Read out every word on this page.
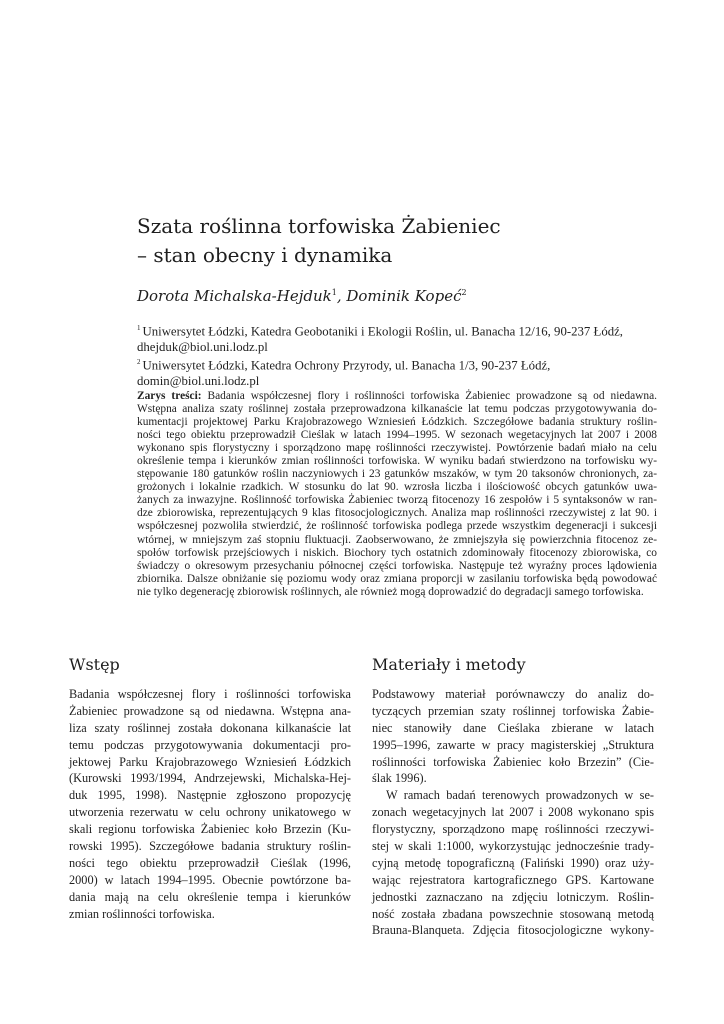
Szata roślinna torfowiska Żabieniec
– stan obecny i dynamika
Dorota Michalska-Hejduk$^1$, Dominik Kopeć$^2$
$^1$ Uniwersytet Łódzki, Katedra Geobotaniki i Ekologii Roślin, ul. Banacha 12/16, 90-237 Łódź,
dhejduk@biol.uni.lodz.pl
$^2$ Uniwersytet Łódzki, Katedra Ochrony Przyrody, ul. Banacha 1/3, 90-237 Łódź,
domin@biol.uni.lodz.pl
Zarys treści: Badania współczesnej flory i roślinności torfowiska Żabieniec prowadzone są od niedawna.
Wstępna analiza szaty roślinnej została przeprowadzona kilkanaście lat temu podczas przygotowywania do-
kumentacji projektowej Parku Krajobrazowego Wzniesień Łódzkich. Szczegółowe badania struktury roślin-
ności tego obiektu przeprowadził Cieślak w latach 1994–1995. W sezonach wegetacyjnych lat 2007 i 2008
wykonano spis florystyczny i sporządzono mapę roślinności rzeczywistej. Powtórzenie badań miało na celu
określenie tempa i kierunków zmian roślinności torfowiska. W wyniku badań stwierdzono na torfowisku wy-
stępowanie 180 gatunków roślin naczyniowych i 23 gatunków mszaków, w tym 20 taksonów chronionych, za-
grożonych i lokalnie rzadkich. W stosunku do lat 90. wzrosła liczba i ilościowość obcych gatunków uwa-
żanych za inwazyjne. Roślinność torfowiska Żabieniec tworzą fitocenozy 16 zespołów i 5 syntaksonów w ran-
dze zbiorowiska, reprezentujących 9 klas fitosocjologicznych. Analiza map roślinności rzeczywistej z lat 90. i
współczesnej pozwoliła stwierdzić, że roślinność torfowiska podlega przede wszystkim degeneracji i sukcesji
wtórnej, w mniejszym zaś stopniu fluktuacji. Zaobserwowano, że zmniejszyła się powierzchnia fitocenoz ze-
społów torfowisk przejściowych i niskich. Biochory tych ostatnich zdominowały fitocenozy zbiorowiska, co
świadczy o okresowym przesychaniu północnej części torfowiska. Następuje też wyraźny proces lądowienia
zbiornika. Dalsze obniżanie się poziomu wody oraz zmiana proporcji w zasilaniu torfowiska będą powodować
nie tylko degenerację zbiorowisk roślinnych, ale również mogą doprowadzić do degradacji samego torfowiska.
Wstęp
Badania współczesnej flory i roślinności torfowiska
Żabieniec prowadzone są od niedawna. Wstępna ana-
liza szaty roślinnej została dokonana kilkanaście lat
temu podczas przygotowywania dokumentacji pro-
jektowej Parku Krajobrazowego Wzniesień Łódzkich
(Kurowski 1993/1994, Andrzejewski, Michalska-Hej-
duk 1995, 1998). Następnie zgłoszono propozycję
utworzenia rezerwatu w celu ochrony unikatowego w
skali regionu torfowiska Żabieniec koło Brzezin (Ku-
rowski 1995). Szczegółowe badania struktury roślin-
ności tego obiektu przeprowadził Cieślak (1996,
2000) w latach 1994–1995. Obecnie powtórzone ba-
dania mają na celu określenie tempa i kierunków
zmian roślinności torfowiska.
Materiały i metody
Podstawowy materiał porównawczy do analiz do-
tyczących przemian szaty roślinnej torfowiska Żabie-
niec stanowiły dane Cieślaka zbierane w latach
1995–1996, zawarte w pracy magisterskiej „Struktura
roślinności torfowiska Żabieniec koło Brzezin” (Cie-
ślak 1996).
W ramach badań terenowych prowadzonych w se-
zonach wegetacyjnych lat 2007 i 2008 wykonano spis
florystyczny, sporządzono mapę roślinności rzeczywi-
stej w skali 1:1000, wykorzystując jednocześnie trady-
cyjną metodę topograficzną (Faliński 1990) oraz uży-
wając rejestratora kartograficznego GPS. Kartowane
jednostki zaznaczano na zdjęciu lotniczym. Roślin-
ność została zbadana powszechnie stosowaną metodą
Brauna-Blanqueta. Zdjęcia fitosocjologiczne wykony-
